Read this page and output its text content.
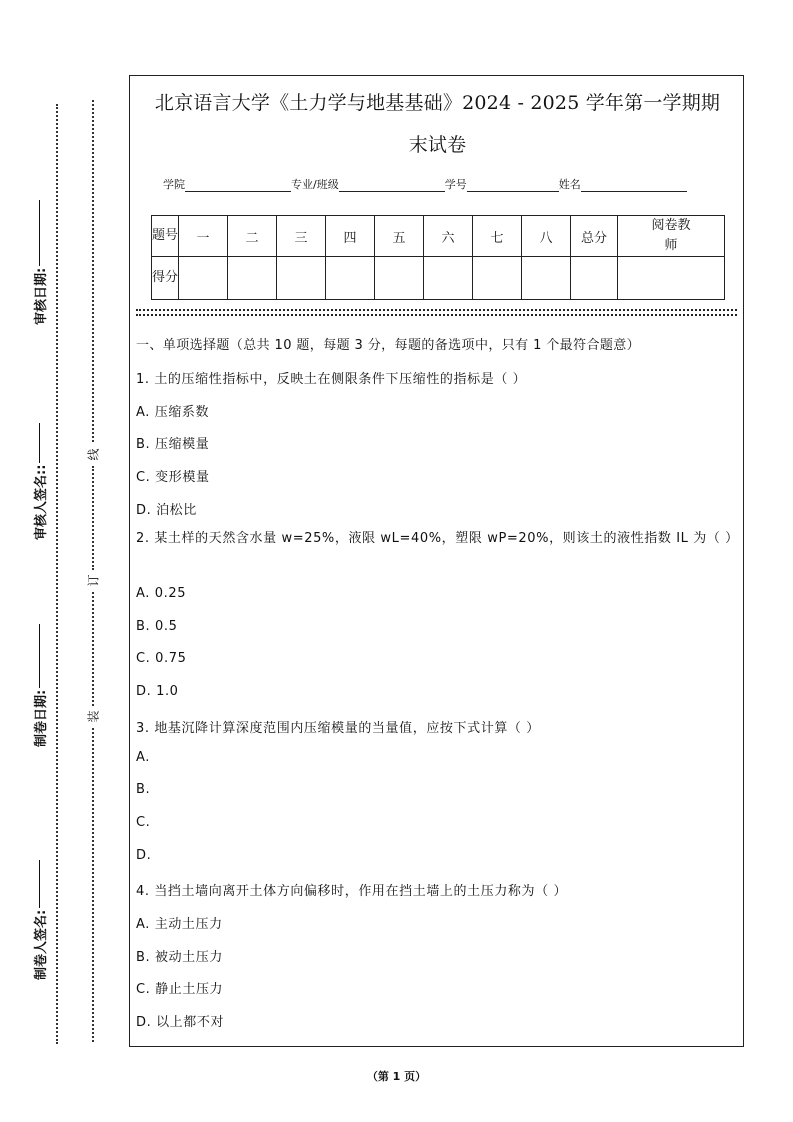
审核日期:
审核人签名::
制卷日期:
制卷人签名:
线
订
装
北京语言大学《土力学与地基基础》2024 - 2025 学年第一学期期
末试卷
学院	专业/班级	学号	姓名
题号	一	二	三	四	五	六	七	八	总分	阅卷教师
得分										
一、单项选择题（总共 10 题，每题 3 分，每题的备选项中，只有 1 个最符合题意）
1. 土的压缩性指标中，反映土在侧限条件下压缩性的指标是（ ）
A. 压缩系数
B. 压缩模量
C. 变形模量
D. 泊松比
2. 某土样的天然含水量 w=25%，液限 wL=40%，塑限 wP=20%，则该土的液性指数 IL 为（ ）
A. 0.25
B. 0.5
C. 0.75
D. 1.0
3. 地基沉降计算深度范围内压缩模量的当量值，应按下式计算（ ）
A.
B.
C.
D.
4. 当挡土墙向离开土体方向偏移时，作用在挡土墙上的土压力称为（ ）
A. 主动土压力
B. 被动土压力
C. 静止土压力
D. 以上都不对
（第 1 页）
